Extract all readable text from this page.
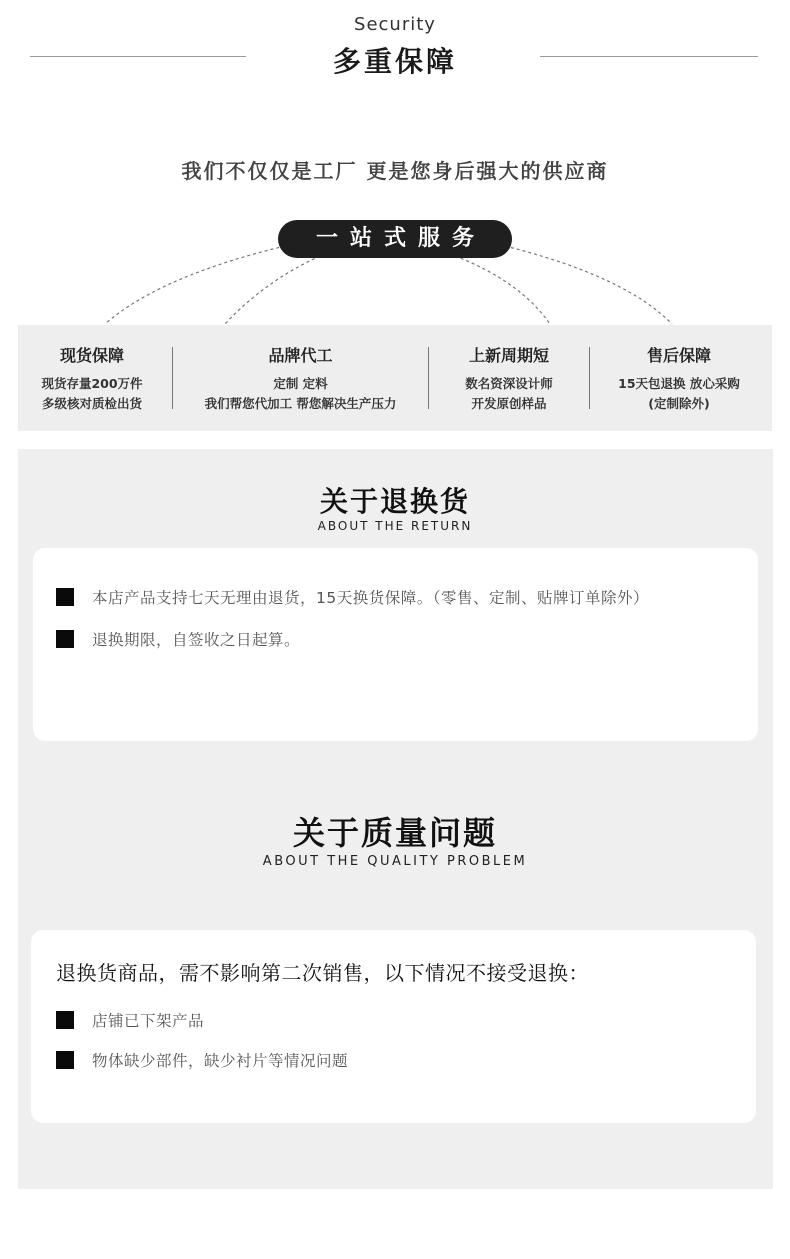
Security
多重保障
我们不仅仅是工厂 更是您身后强大的供应商
一站式服务
现货保障
现货存量200万件
多级核对质检出货
品牌代工
定制 定料
我们帮您代加工 帮您解决生产压力
上新周期短
数名资深设计师
开发原创样品
售后保障
15天包退换 放心采购
(定制除外)
关于退换货
ABOUT THE RETURN
本店产品支持七天无理由退货，15天换货保障。（零售、定制、贴牌订单除外）
退换期限，自签收之日起算。
关于质量问题
ABOUT THE QUALITY PROBLEM
退换货商品，需不影响第二次销售，以下情况不接受退换：
店铺已下架产品
物体缺少部件，缺少衬片等情况问题
